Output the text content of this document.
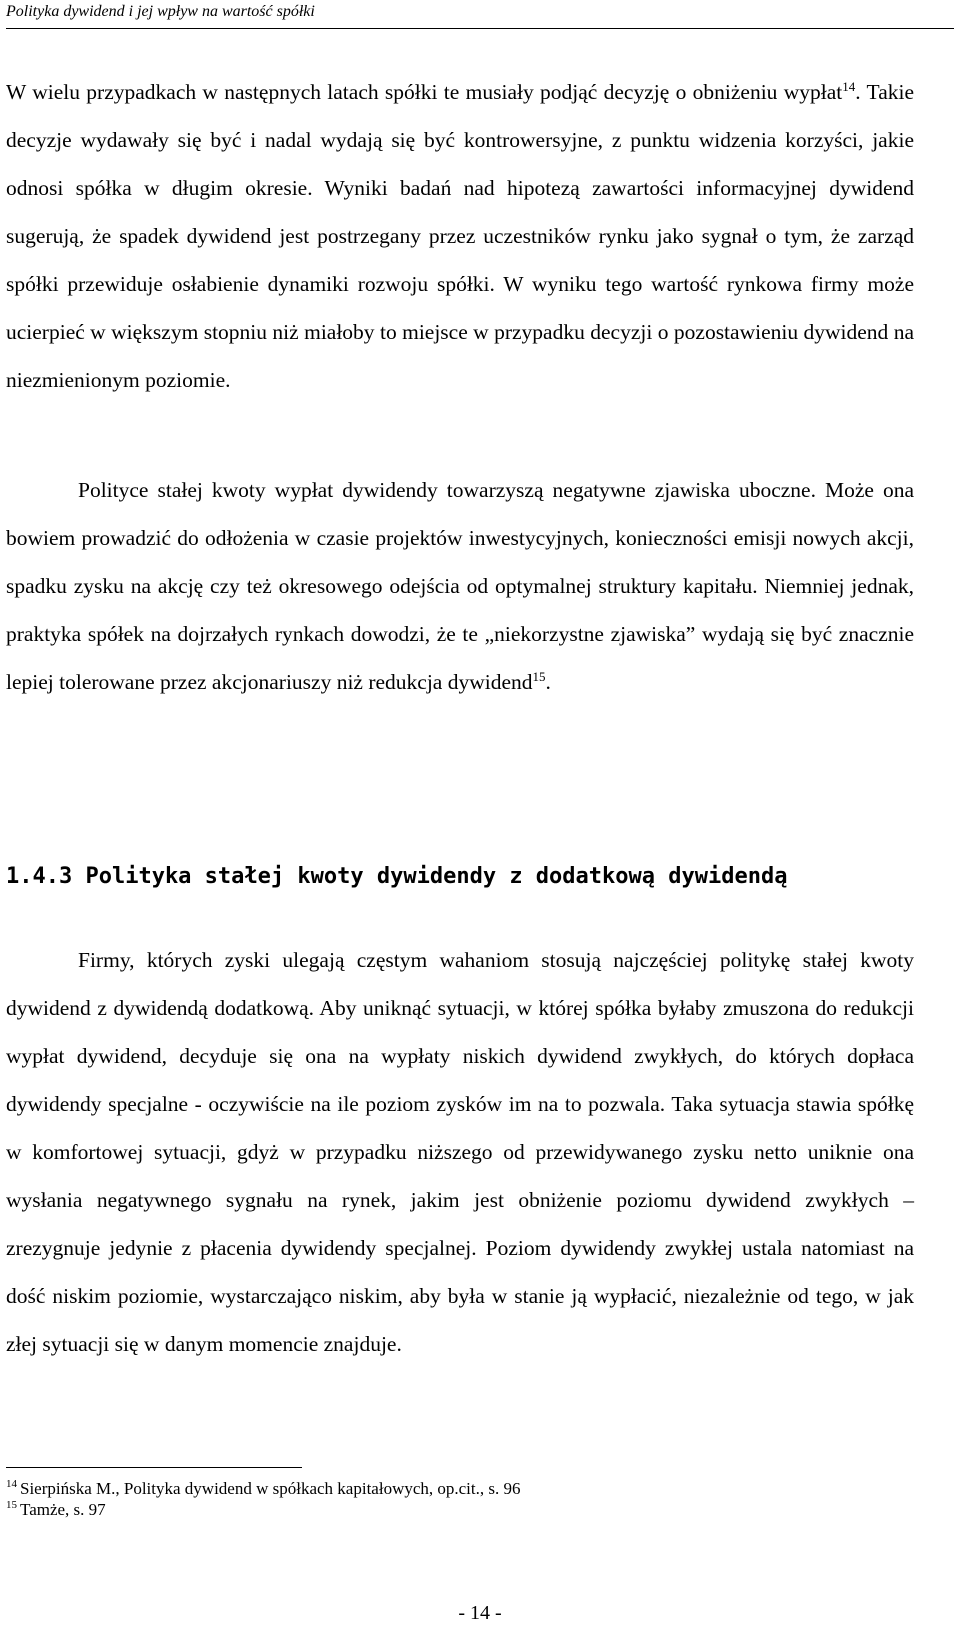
Polityka dywidend i jej wpływ na wartość spółki

W wielu przypadkach w następnych latach spółki te musiały podjąć decyzję o obniżeniu wypłat$^{14}$. Takie decyzje wydawały się być i nadal wydają się być kontrowersyjne, z punktu widzenia korzyści, jakie odnosi spółka w długim okresie. Wyniki badań nad hipotezą zawartości informacyjnej dywidend sugerują, że spadek dywidend jest postrzegany przez uczestników rynku jako sygnał o tym, że zarząd spółki przewiduje osłabienie dynamiki rozwoju spółki. W wyniku tego wartość rynkowa firmy może ucierpieć w większym stopniu niż miałoby to miejsce w przypadku decyzji o pozostawieniu dywidend na niezmienionym poziomie.

Polityce stałej kwoty wypłat dywidendy towarzyszą negatywne zjawiska uboczne. Może ona bowiem prowadzić do odłożenia w czasie projektów inwestycyjnych, konieczności emisji nowych akcji, spadku zysku na akcję czy też okresowego odejścia od optymalnej struktury kapitału. Niemniej jednak, praktyka spółek na dojrzałych rynkach dowodzi, że te „niekorzystne zjawiska” wydają się być znacznie lepiej tolerowane przez akcjonariuszy niż redukcja dywidend$^{15}$.

1.4.3 Polityka stałej kwoty dywidendy z dodatkową dywidendą

Firmy, których zyski ulegają częstym wahaniom stosują najczęściej politykę stałej kwoty dywidend z dywidendą dodatkową. Aby uniknąć sytuacji, w której spółka byłaby zmuszona do redukcji wypłat dywidend, decyduje się ona na wypłaty niskich dywidend zwykłych, do których dopłaca dywidendy specjalne - oczywiście na ile poziom zysków im na to pozwala. Taka sytuacja stawia spółkę w komfortowej sytuacji, gdyż w przypadku niższego od przewidywanego zysku netto uniknie ona wysłania negatywnego sygnału na rynek, jakim jest obniżenie poziomu dywidend zwykłych – zrezygnuje jedynie z płacenia dywidendy specjalnej. Poziom dywidendy zwykłej ustala natomiast na dość niskim poziomie, wystarczająco niskim, aby była w stanie ją wypłacić, niezależnie od tego, w jak złej sytuacji się w danym momencie znajduje.

$^{14}$ Sierpińska M., Polityka dywidend w spółkach kapitałowych, op.cit., s. 96
$^{15}$ Tamże, s. 97
- 14 -
